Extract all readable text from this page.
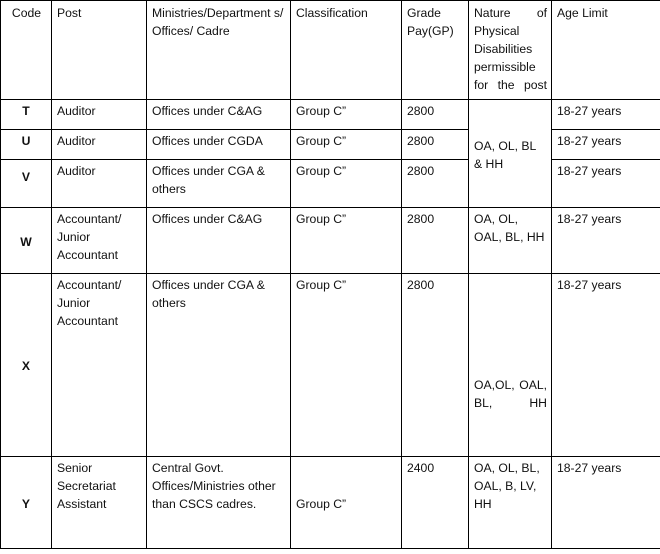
Code	Post	Ministries/Department s/ Offices/ Cadre	Classification	Grade Pay(GP)	Nature of Physical Disabilities permissible for the post	Age Limit
T	Auditor	Offices under C&AG	Group C”	2800	OA, OL, BL & HH	18-27 years
U	Auditor	Offices under CGDA	Group C”	2800		18-27 years
V	Auditor	Offices under CGA & others	Group C”	2800		18-27 years
W	Accountant/ Junior Accountant	Offices under C&AG	Group C”	2800	OA, OL, OAL, BL, HH	18-27 years
X	Accountant/ Junior Accountant	Offices under CGA & others	Group C”	2800	OA,OL, OAL, BL, HH	18-27 years
Y	Senior Secretariat Assistant	Central Govt. Offices/Ministries other than CSCS cadres.	Group C”	2400	OA, OL, BL, OAL, B, LV, HH	18-27 years
